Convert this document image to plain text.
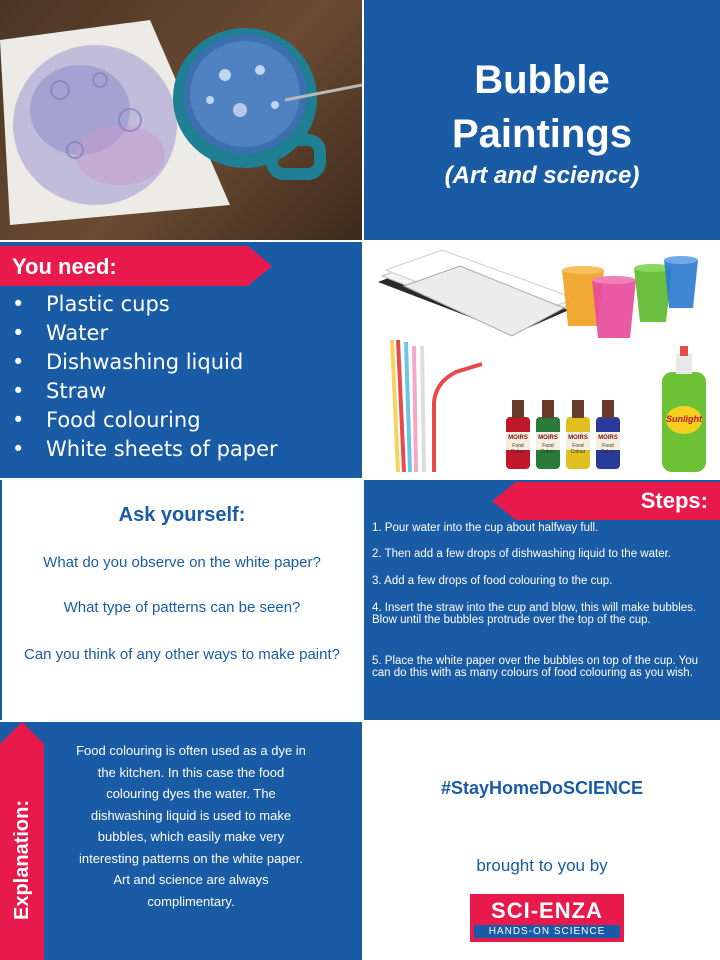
Bubble
Paintings
(Art and science)
You need:
•	Plastic cups
•	Water
•	Dishwashing liquid
•	Straw
•	Food colouring
•	White sheets of paper	MOIRS	MOIRS	MOIRS	MOIRS
Food Colour
Food Colour
Food Colour
Food Colour
Sunlight
Ask yourself:
What do you observe on the white paper?
What type of patterns can be seen?
Can you think of any other ways to make paint?
Steps:
1. Pour water into the cup about halfway full.
2. Then add a few drops of dishwashing liquid to the water.
3. Add a few drops of food colouring to the cup.
4. Insert the straw into the cup and blow, this will make bubbles. Blow until the bubbles protrude over the top of the cup.
5. Place the white paper over the bubbles on top of the cup. You can do this with as many colours of food colouring as you wish.
Explanation:
Food colouring is often used as a dye in the kitchen. In this case the food colouring dyes the water. The dishwashing liquid is used to make bubbles, which easily make very interesting patterns on the white paper. Art and science are always complimentary.
#StayHomeDoSCIENCE
brought to you by
SCI-ENZA
HANDS-ON SCIENCE
